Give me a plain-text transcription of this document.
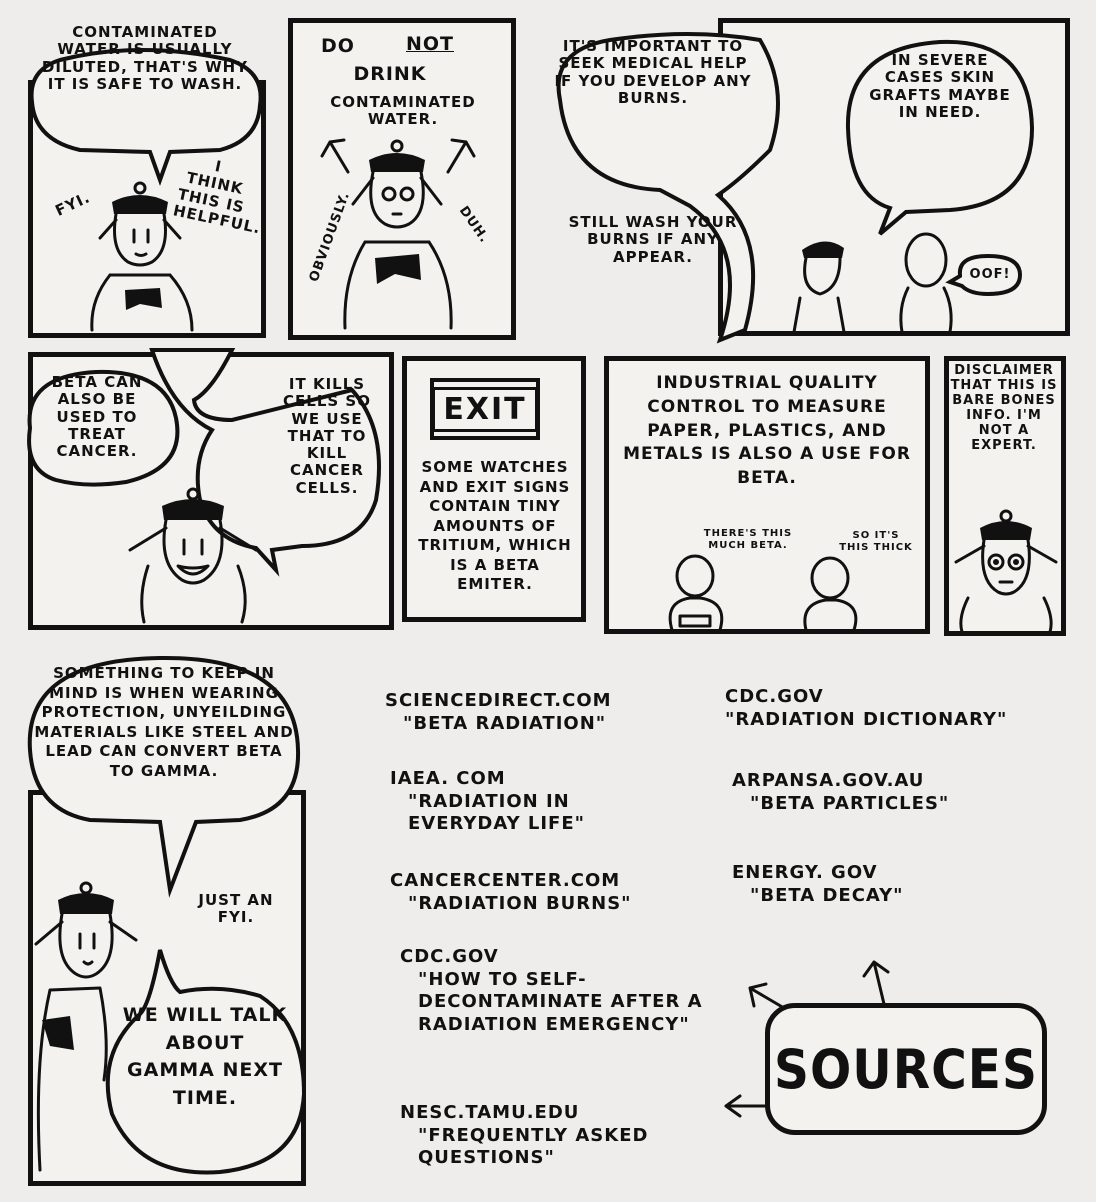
CONTAMINATED WATER IS USUALLY DILUTED, THAT'S WHY IT IS SAFE TO WASH.
FYI.
I THINK THIS IS HELPFUL.
DO	NOT
DRINK
CONTAMINATED WATER.
OBVIOUSLY.	DUH.
IT'S IMPORTANT TO SEEK MEDICAL HELP IF YOU DEVELOP ANY BURNS.
STILL WASH YOUR BURNS IF ANY APPEAR.
IN SEVERE CASES SKIN GRAFTS MAYBE IN NEED.
OOF!
BETA CAN ALSO BE USED TO TREAT CANCER.
IT KILLS CELLS SO WE USE THAT TO KILL CANCER CELLS.
EXIT
SOME WATCHES AND EXIT SIGNS CONTAIN TINY AMOUNTS OF TRITIUM, WHICH IS A BETA EMITER.
INDUSTRIAL QUALITY CONTROL TO MEASURE PAPER, PLASTICS, AND METALS IS ALSO A USE FOR BETA.
THERE'S THIS MUCH BETA.
SO IT'S THIS THICK
DISCLAIMER THAT THIS IS BARE BONES INFO. I'M NOT A EXPERT.
SOMETHING TO KEEP IN MIND IS WHEN WEARING PROTECTION, UNYEILDING MATERIALS LIKE STEEL AND LEAD CAN CONVERT BETA TO GAMMA.
JUST AN FYI.
WE WILL TALK ABOUT GAMMA NEXT TIME.
SCIENCEDIRECT.COM
"BETA RADIATION"
IAEA. COM
"RADIATION IN EVERYDAY LIFE"
CANCERCENTER.COM
"RADIATION BURNS"
CDC.GOV
"HOW TO SELF-DECONTAMINATE AFTER A RADIATION EMERGENCY"
NESC.TAMU.EDU
"FREQUENTLY ASKED QUESTIONS"
CDC.GOV
"RADIATION DICTIONARY"
ARPANSA.GOV.AU
"BETA PARTICLES"
ENERGY. GOV
"BETA DECAY"
SOURCES
